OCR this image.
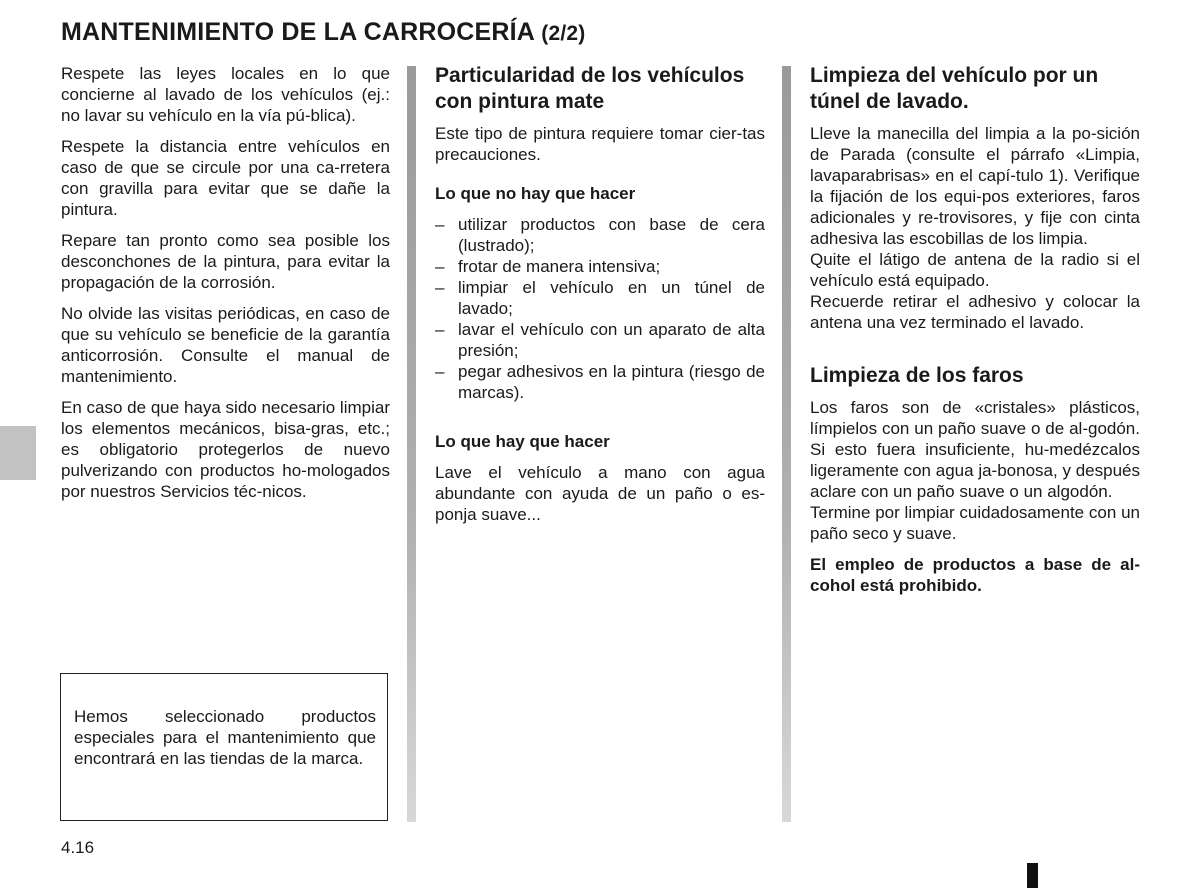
MANTENIMIENTO DE LA CARROCERÍA (2/2)

Respete las leyes locales en lo que concierne al lavado de los vehículos (ej.: no lavar su vehículo en la vía pú-blica).

Respete la distancia entre vehículos en caso de que se circule por una ca-rretera con gravilla para evitar que se dañe la pintura.

Repare tan pronto como sea posible los desconchones de la pintura, para evitar la propagación de la corrosión.

No olvide las visitas periódicas, en caso de que su vehículo se beneficie de la garantía anticorrosión. Consulte el manual de mantenimiento.

En caso de que haya sido necesario limpiar los elementos mecánicos, bisa-gras, etc.; es obligatorio protegerlos de nuevo pulverizando con productos ho-mologados por nuestros Servicios téc-nicos.

Hemos seleccionado productos especiales para el mantenimiento que encontrará en las tiendas de la marca.

Particularidad de los vehículos con pintura mate

Este tipo de pintura requiere tomar cier-tas precauciones.

Lo que no hay que hacer
– utilizar productos con base de cera (lustrado);
– frotar de manera intensiva;
– limpiar el vehículo en un túnel de lavado;
– lavar el vehículo con un aparato de alta presión;
– pegar adhesivos en la pintura (riesgo de marcas).
Lo que hay que hacer

Lave el vehículo a mano con agua abundante con ayuda de un paño o es-ponja suave...

Limpieza del vehículo por un túnel de lavado.

Lleve la manecilla del limpia a la po-sición de Parada (consulte el párrafo «Limpia, lavaparabrisas» en el capí-tulo 1). Verifique la fijación de los equi-pos exteriores, faros adicionales y re-trovisores, y fije con cinta adhesiva las escobillas de los limpia.

Quite el látigo de antena de la radio si el vehículo está equipado.

Recuerde retirar el adhesivo y colocar la antena una vez terminado el lavado.

Limpieza de los faros

Los faros son de «cristales» plásticos, límpielos con un paño suave o de al-godón. Si esto fuera insuficiente, hu-medézcalos ligeramente con agua ja-bonosa, y después aclare con un paño suave o un algodón.

Termine por limpiar cuidadosamente con un paño seco y suave.

El empleo de productos a base de al-cohol está prohibido.

4.16
